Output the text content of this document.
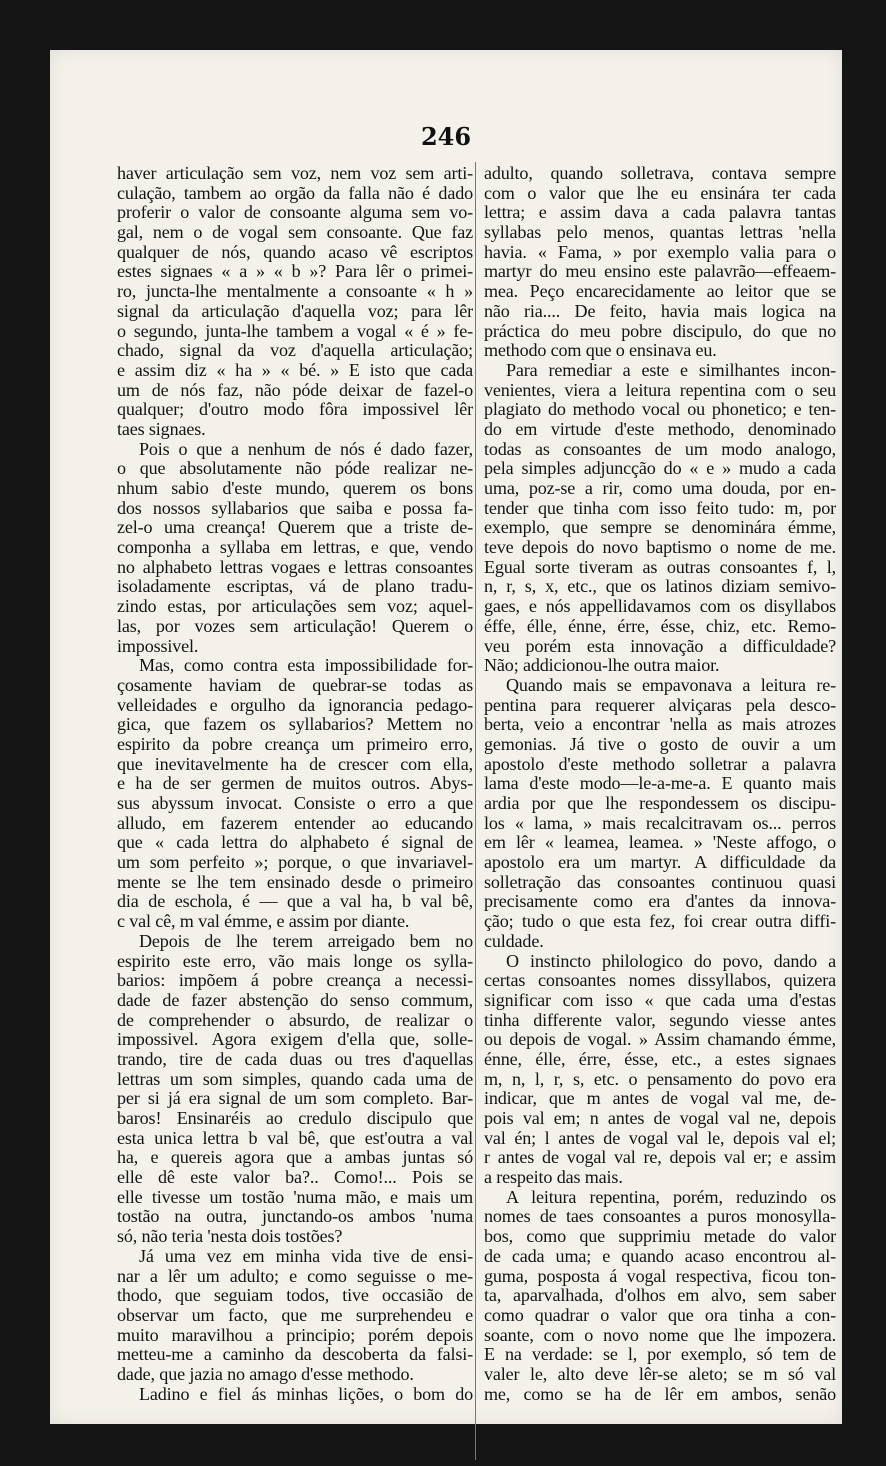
246
haver articulação sem voz, nem voz sem arti-
culação, tambem ao orgão da falla não é dado
proferir o valor de consoante alguma sem vo-
gal, nem o de vogal sem consoante. Que faz
qualquer de nós, quando acaso vê escriptos
estes signaes « a » « b »? Para lêr o primei-
ro, juncta-lhe mentalmente a consoante « h »
signal da articulação d'aquella voz; para lêr
o segundo, junta-lhe tambem a vogal « é » fe-
chado, signal da voz d'aquella articulação;
e assim diz « ha » « bé. » E isto que cada
um de nós faz, não póde deixar de fazel-o
qualquer; d'outro modo fôra impossivel lêr
taes signaes.
Pois o que a nenhum de nós é dado fazer,
o que absolutamente não póde realizar ne-
nhum sabio d'este mundo, querem os bons
dos nossos syllabarios que saiba e possa fa-
zel-o uma creança! Querem que a triste de-
componha a syllaba em lettras, e que, vendo
no alphabeto lettras vogaes e lettras consoantes
isoladamente escriptas, vá de plano tradu-
zindo estas, por articulações sem voz; aquel-
las, por vozes sem articulação! Querem o
impossivel.
Mas, como contra esta impossibilidade for-
çosamente haviam de quebrar-se todas as
velleidades e orgulho da ignorancia pedago-
gica, que fazem os syllabarios? Mettem no
espirito da pobre creança um primeiro erro,
que inevitavelmente ha de crescer com ella,
e ha de ser germen de muitos outros. Abys-
sus abyssum invocat. Consiste o erro a que
alludo, em fazerem entender ao educando
que « cada lettra do alphabeto é signal de
um som perfeito »; porque, o que invariavel-
mente se lhe tem ensinado desde o primeiro
dia de eschola, é — que a val ha, b val bê,
c val cê, m val émme, e assim por diante.
Depois de lhe terem arreigado bem no
espirito este erro, vão mais longe os sylla-
barios: impõem á pobre creança a necessi-
dade de fazer abstenção do senso commum,
de comprehender o absurdo, de realizar o
impossivel. Agora exigem d'ella que, solle-
trando, tire de cada duas ou tres d'aquellas
lettras um som simples, quando cada uma de
per si já era signal de um som completo. Bar-
baros! Ensinaréis ao credulo discipulo que
esta unica lettra b val bê, que est'outra a val
ha, e quereis agora que a ambas juntas só
elle dê este valor ba?.. Como!... Pois se
elle tivesse um tostão 'numa mão, e mais um
tostão na outra, junctando-os ambos 'numa
só, não teria 'nesta dois tostões?
Já uma vez em minha vida tive de ensi-
nar a lêr um adulto; e como seguisse o me-
thodo, que seguiam todos, tive occasião de
observar um facto, que me surprehendeu e
muito maravilhou a principio; porém depois
metteu-me a caminho da descoberta da falsi-
dade, que jazia no amago d'esse methodo.
Ladino e fiel ás minhas lições, o bom do
adulto, quando solletrava, contava sempre
com o valor que lhe eu ensinára ter cada
lettra; e assim dava a cada palavra tantas
syllabas pelo menos, quantas lettras 'nella
havia. « Fama, » por exemplo valia para o
martyr do meu ensino este palavrão—effeaem-
mea. Peço encarecidamente ao leitor que se
não ria.... De feito, havia mais logica na
práctica do meu pobre discipulo, do que no
methodo com que o ensinava eu.
Para remediar a este e similhantes incon-
venientes, viera a leitura repentina com o seu
plagiato do methodo vocal ou phonetico; e ten-
do em virtude d'este methodo, denominado
todas as consoantes de um modo analogo,
pela simples adjuncção do « e » mudo a cada
uma, poz-se a rir, como uma douda, por en-
tender que tinha com isso feito tudo: m, por
exemplo, que sempre se denominára émme,
teve depois do novo baptismo o nome de me.
Egual sorte tiveram as outras consoantes f, l,
n, r, s, x, etc., que os latinos diziam semivo-
gaes, e nós appellidavamos com os disyllabos
éffe, élle, énne, érre, ésse, chiz, etc. Remo-
veu porém esta innovação a difficuldade?
Não; addicionou-lhe outra maior.
Quando mais se empavonava a leitura re-
pentina para requerer alviçaras pela desco-
berta, veio a encontrar 'nella as mais atrozes
gemonias. Já tive o gosto de ouvir a um
apostolo d'este methodo solletrar a palavra
lama d'este modo—le-a-me-a. E quanto mais
ardia por que lhe respondessem os discipu-
los « lama, » mais recalcitravam os... perros
em lêr « leamea, leamea. » 'Neste affogo, o
apostolo era um martyr. A difficuldade da
solletração das consoantes continuou quasi
precisamente como era d'antes da innova-
ção; tudo o que esta fez, foi crear outra diffi-
culdade.
O instincto philologico do povo, dando a
certas consoantes nomes dissyllabos, quizera
significar com isso « que cada uma d'estas
tinha differente valor, segundo viesse antes
ou depois de vogal. » Assim chamando émme,
énne, élle, érre, ésse, etc., a estes signaes
m, n, l, r, s, etc. o pensamento do povo era
indicar, que m antes de vogal val me, de-
pois val em; n antes de vogal val ne, depois
val én; l antes de vogal val le, depois val el;
r antes de vogal val re, depois val er; e assim
a respeito das mais.
A leitura repentina, porém, reduzindo os
nomes de taes consoantes a puros monosylla-
bos, como que supprimiu metade do valor
de cada uma; e quando acaso encontrou al-
guma, posposta á vogal respectiva, ficou ton-
ta, aparvalhada, d'olhos em alvo, sem saber
como quadrar o valor que ora tinha a con-
soante, com o novo nome que lhe impozera.
E na verdade: se l, por exemplo, só tem de
valer le, alto deve lêr-se aleto; se m só val
me, como se ha de lêr em ambos, senão
